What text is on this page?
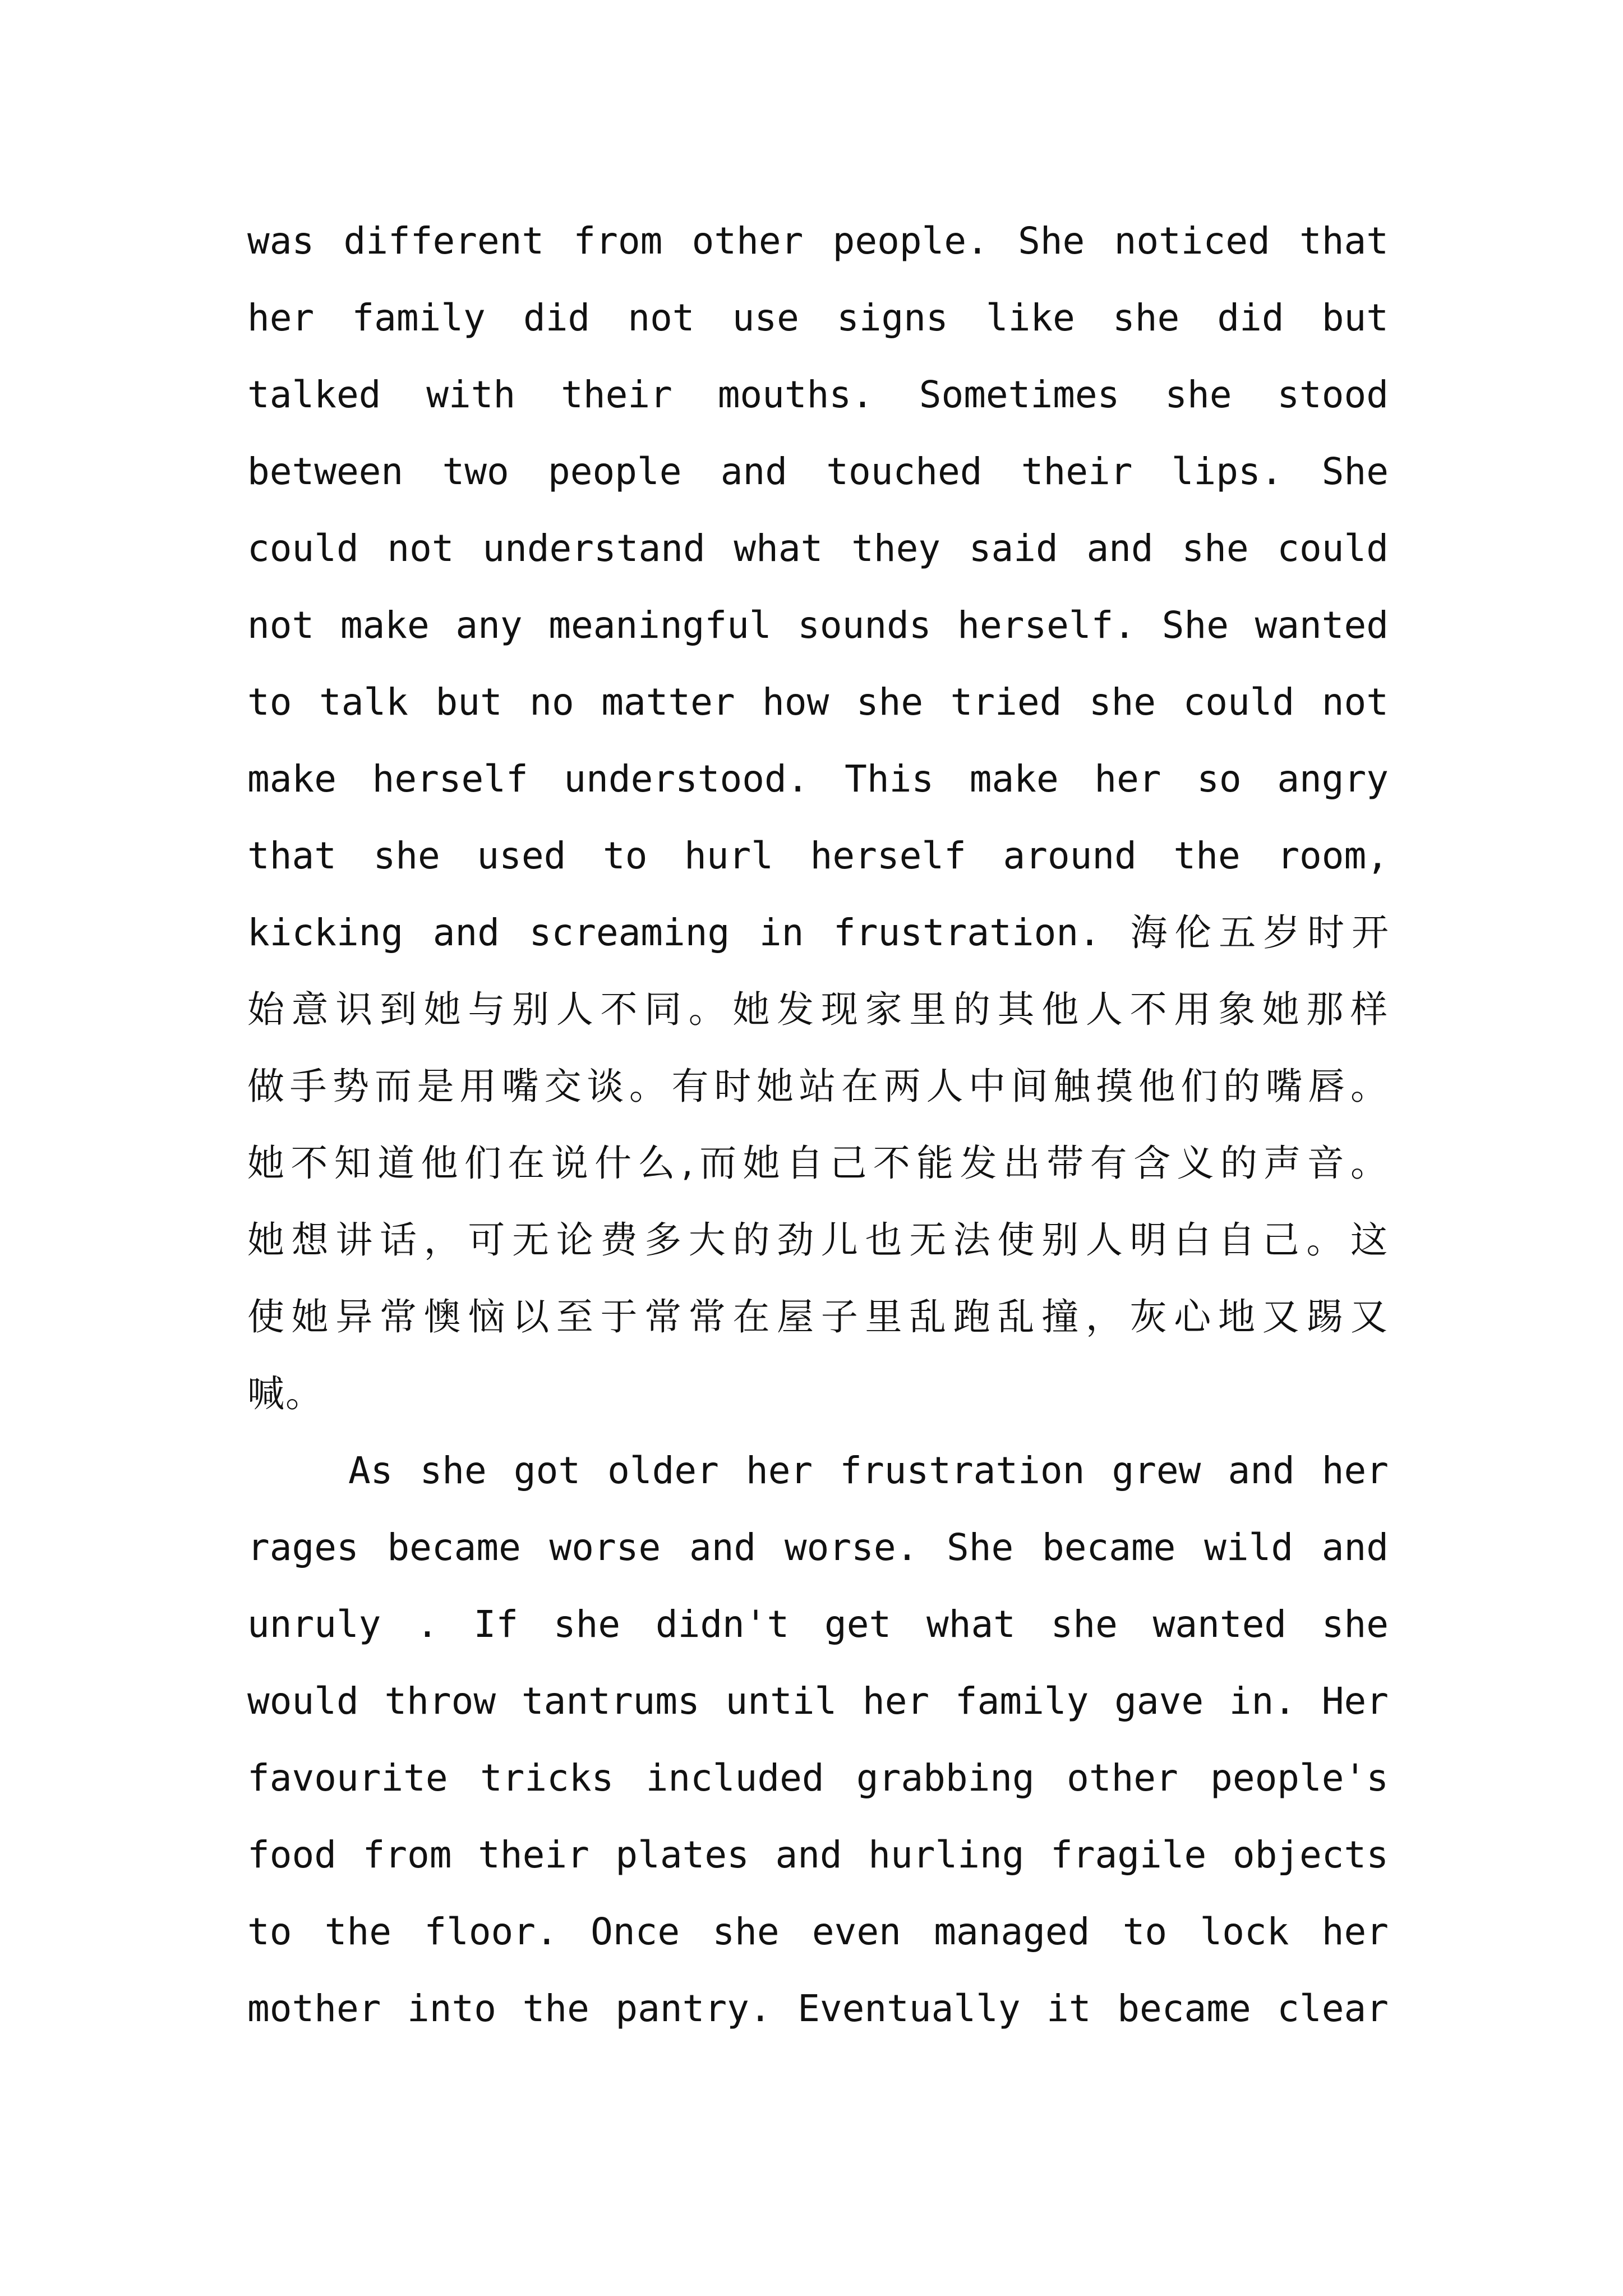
was different from other people. She noticed that
her family did not use signs like she did but
talked with their mouths. Sometimes she stood
between two people and touched their lips. She
could not understand what they said and she could
not make any meaningful sounds herself. She wanted
to talk but no matter how she tried she could not
make herself understood. This make her so angry
that she used to hurl herself around the room,
kicking and screaming in frustration. 海伦五岁时开
始意识到她与别人不同。她发现家里的其他人不用象她那样
做手势而是用嘴交谈。有时她站在两人中间触摸他们的嘴唇。
她不知道他们在说什么,而她自己不能发出带有含义的声音。
她想讲话，可无论费多大的劲儿也无法使别人明白自己。这
使她异常懊恼以至于常常在屋子里乱跑乱撞，灰心地又踢又
喊。
As she got older her frustration grew and her
rages became worse and worse. She became wild and
unruly . If she didn't get what she wanted she
would throw tantrums until her family gave in. Her
favourite tricks included grabbing other people's
food from their plates and hurling fragile objects
to the floor. Once she even managed to lock her
mother into the pantry. Eventually it became clear
